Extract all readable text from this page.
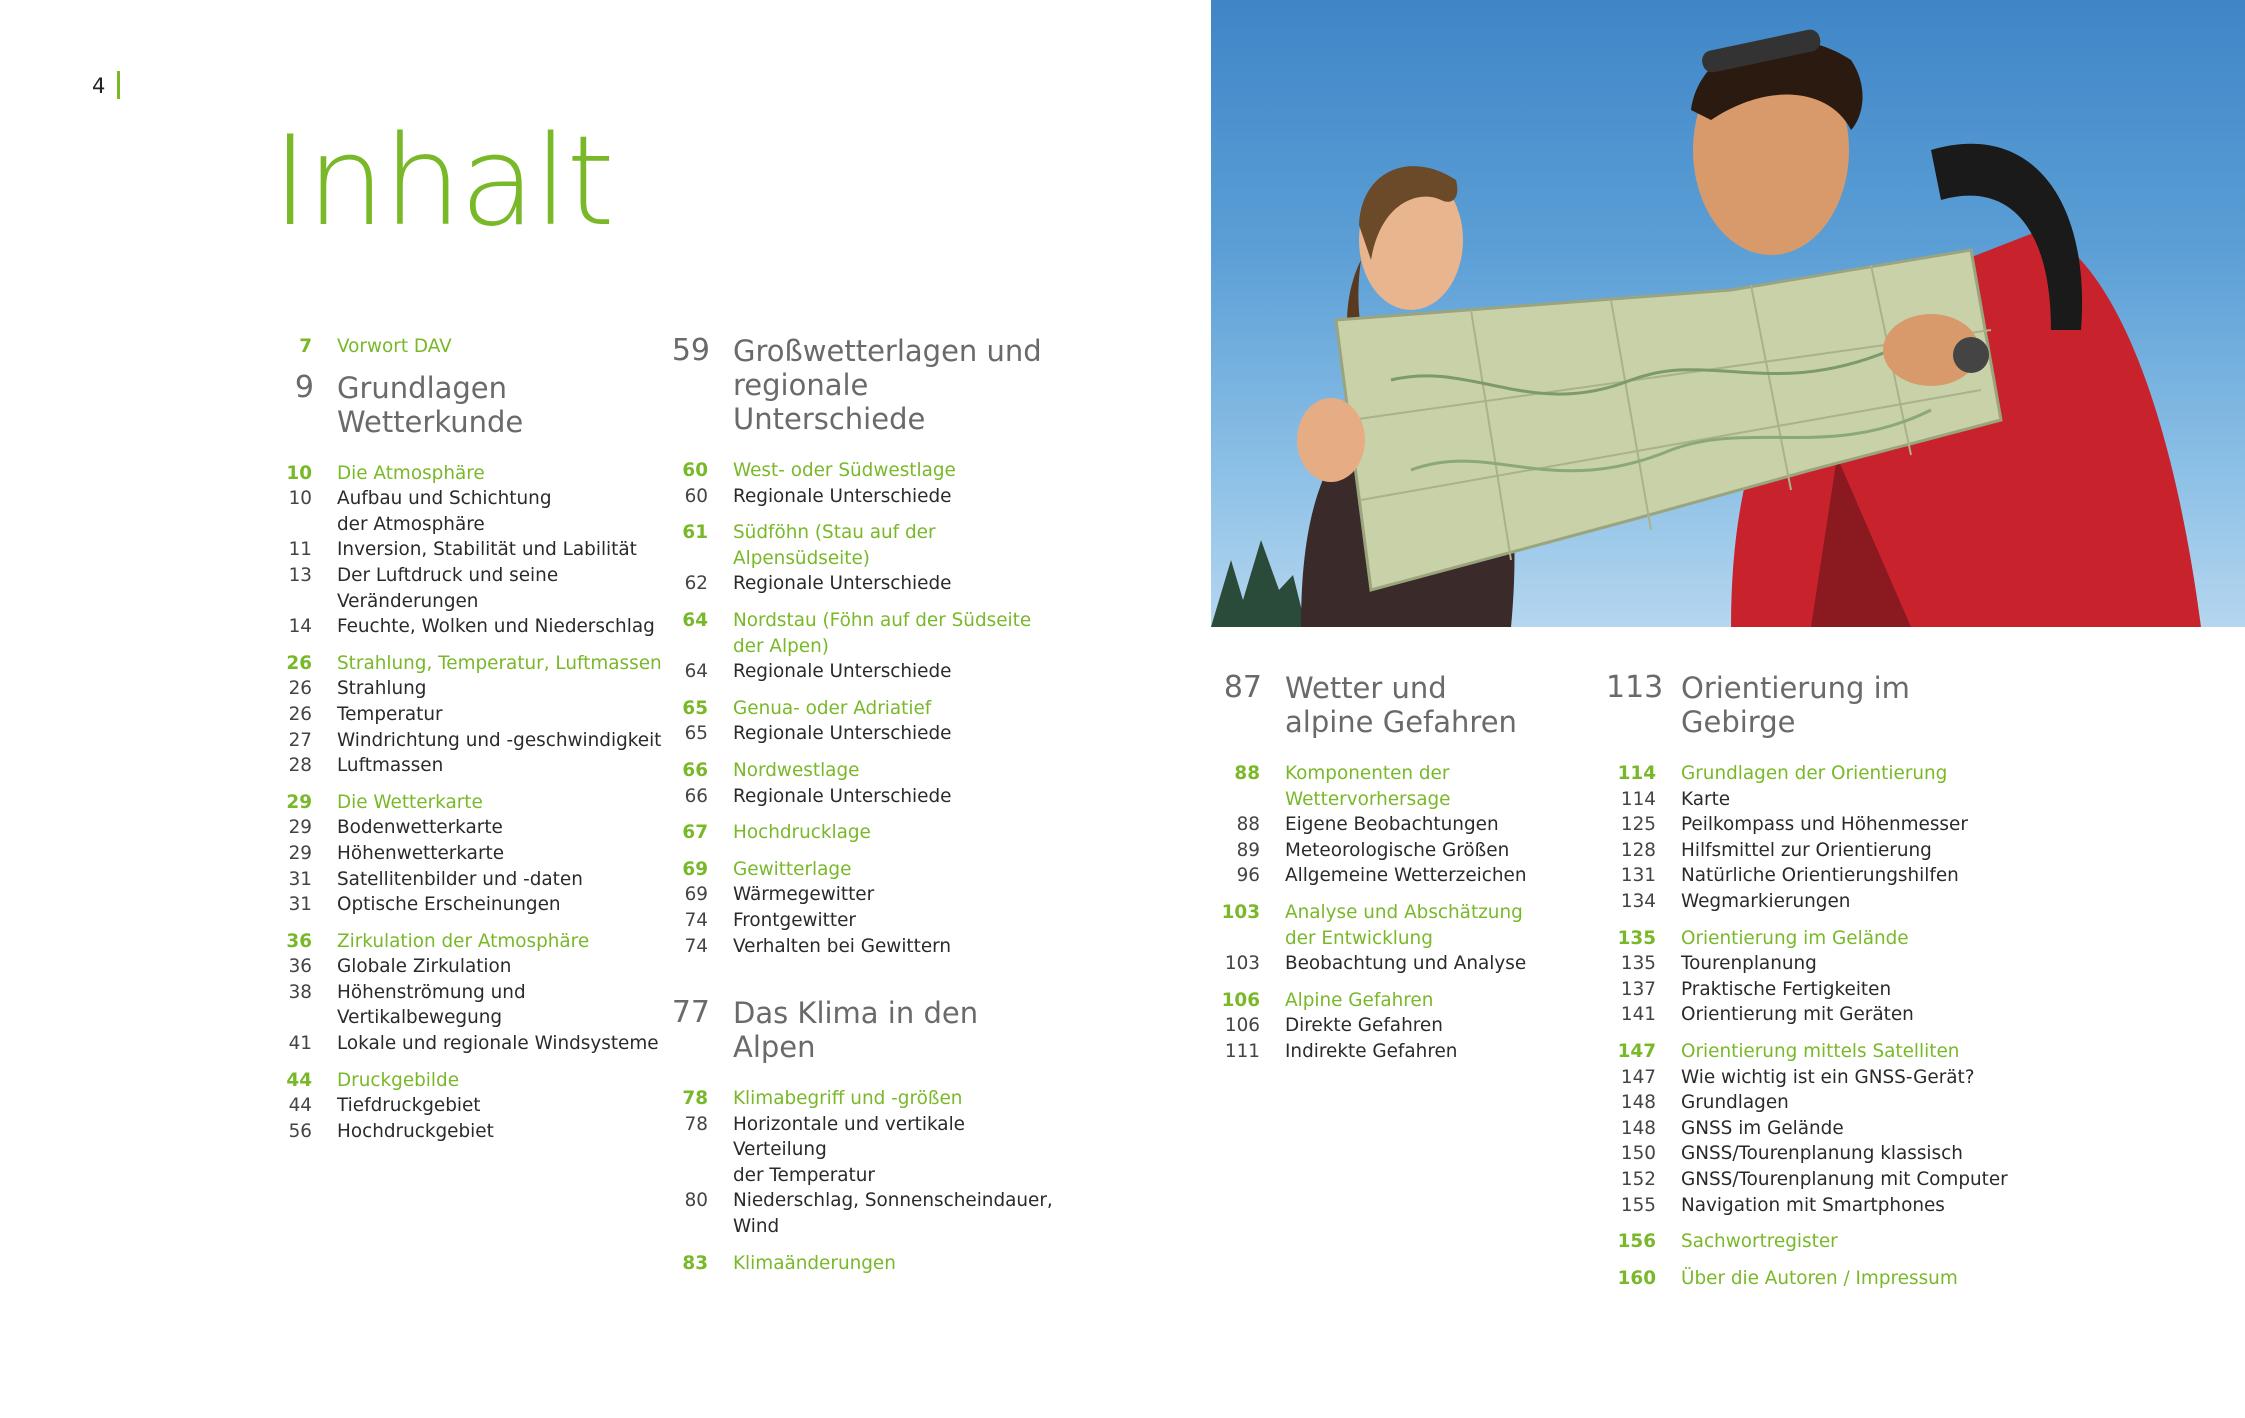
4
Inhalt
7	Vorwort DAV
9 Grundlagen
Wetterkunde
10	Die Atmosphäre
10	Aufbau und Schichtung
der Atmosphäre
11	Inversion, Stabilität und Labilität
13	Der Luftdruck und seine
Veränderungen
14	Feuchte, Wolken und Niederschlag
26	Strahlung, Temperatur, Luftmassen
26	Strahlung
26	Temperatur
27	Windrichtung und -geschwindigkeit
28	Luftmassen
29	Die Wetterkarte
29	Bodenwetterkarte
29	Höhenwetterkarte
31	Satellitenbilder und -daten
31	Optische Erscheinungen
36	Zirkulation der Atmosphäre
36	Globale Zirkulation
38	Höhenströmung und
Vertikalbewegung
41	Lokale und regionale Windsysteme
44	Druckgebilde
44	Tiefdruckgebiet
56	Hochdruckgebiet
59 Großwetterlagen und
regionale Unterschiede
60	West- oder Südwestlage
60	Regionale Unterschiede
61	Südföhn (Stau auf der
Alpensüdseite)
62	Regionale Unterschiede
64	Nordstau (Föhn auf der Südseite
der Alpen)
64	Regionale Unterschiede
65	Genua- oder Adriatief
65	Regionale Unterschiede
66	Nordwestlage
66	Regionale Unterschiede
67	Hochdrucklage
69	Gewitterlage
69	Wärmegewitter
74	Frontgewitter
74	Verhalten bei Gewittern
77 Das Klima in den Alpen
78	Klimabegriff und -größen
78	Horizontale und vertikale Verteilung
der Temperatur
80	Niederschlag, Sonnenscheindauer,
Wind
83	Klimaänderungen
87 Wetter und
alpine Gefahren
88	Komponenten der
Wettervorhersage
88	Eigene Beobachtungen
89	Meteorologische Größen
96	Allgemeine Wetterzeichen
103	Analyse und Abschätzung
der Entwicklung
103	Beobachtung und Analyse
106	Alpine Gefahren
106	Direkte Gefahren
111	Indirekte Gefahren
113 Orientierung im
Gebirge
114	Grundlagen der Orientierung
114	Karte
125	Peilkompass und Höhenmesser
128	Hilfsmittel zur Orientierung
131	Natürliche Orientierungshilfen
134	Wegmarkierungen
135	Orientierung im Gelände
135	Tourenplanung
137	Praktische Fertigkeiten
141	Orientierung mit Geräten
147	Orientierung mittels Satelliten
147	Wie wichtig ist ein GNSS-Gerät?
148	Grundlagen
148	GNSS im Gelände
150	GNSS/Tourenplanung klassisch
152	GNSS/Tourenplanung mit Computer
155	Navigation mit Smartphones
156	Sachwortregister
160	Über die Autoren / Impressum
